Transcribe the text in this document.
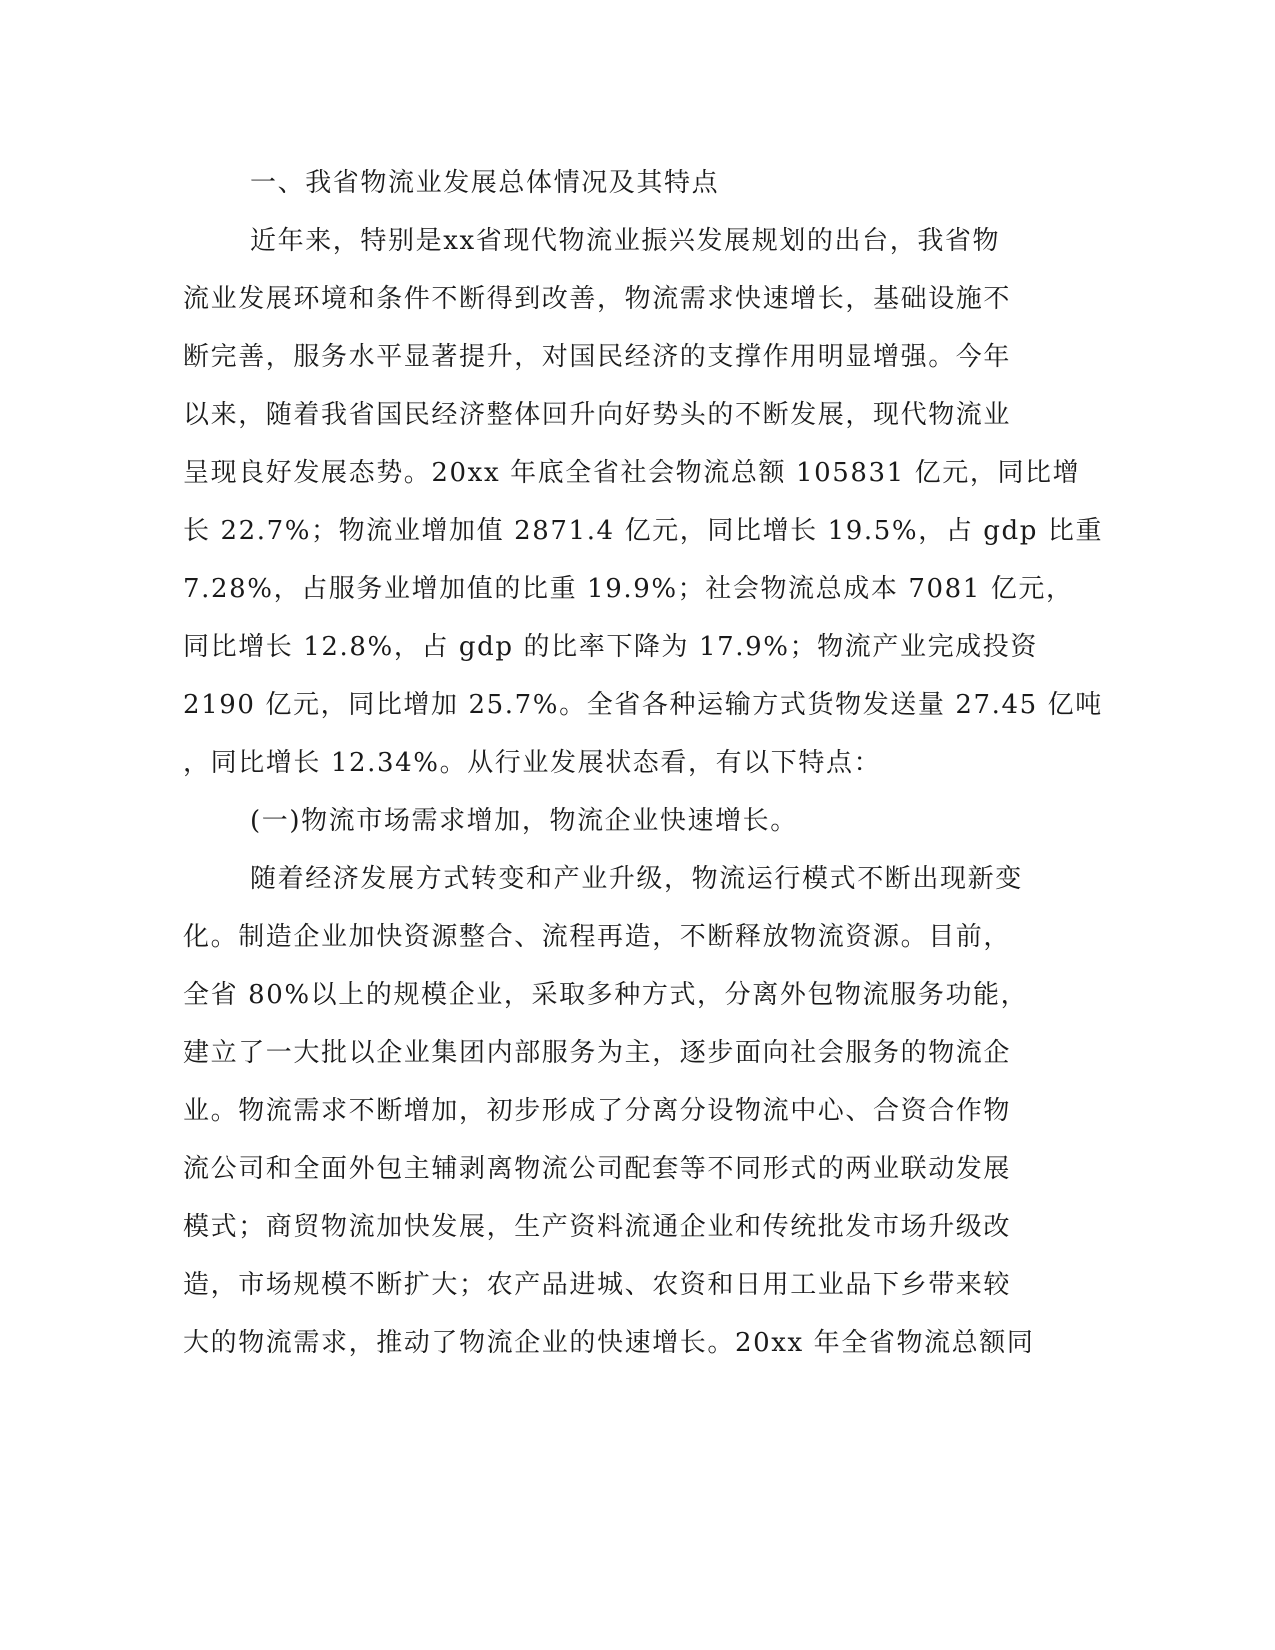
一、我省物流业发展总体情况及其特点
近年来，特别是xx省现代物流业振兴发展规划的出台，我省物
流业发展环境和条件不断得到改善，物流需求快速增长，基础设施不
断完善，服务水平显著提升，对国民经济的支撑作用明显增强。今年
以来，随着我省国民经济整体回升向好势头的不断发展，现代物流业
呈现良好发展态势。20xx 年底全省社会物流总额 105831 亿元，同比增
长 22.7%；物流业增加值 2871.4 亿元，同比增长 19.5%，占 gdp 比重
7.28%，占服务业增加值的比重 19.9%；社会物流总成本 7081 亿元，
同比增长 12.8%，占 gdp 的比率下降为 17.9%；物流产业完成投资
2190 亿元，同比增加 25.7%。全省各种运输方式货物发送量 27.45 亿吨
，同比增长 12.34%。从行业发展状态看，有以下特点：
(一)物流市场需求增加，物流企业快速增长。
随着经济发展方式转变和产业升级，物流运行模式不断出现新变
化。制造企业加快资源整合、流程再造，不断释放物流资源。目前，
全省 80%以上的规模企业，采取多种方式，分离外包物流服务功能，
建立了一大批以企业集团内部服务为主，逐步面向社会服务的物流企
业。物流需求不断增加，初步形成了分离分设物流中心、合资合作物
流公司和全面外包主辅剥离物流公司配套等不同形式的两业联动发展
模式；商贸物流加快发展，生产资料流通企业和传统批发市场升级改
造，市场规模不断扩大；农产品进城、农资和日用工业品下乡带来较
大的物流需求，推动了物流企业的快速增长。20xx 年全省物流总额同
